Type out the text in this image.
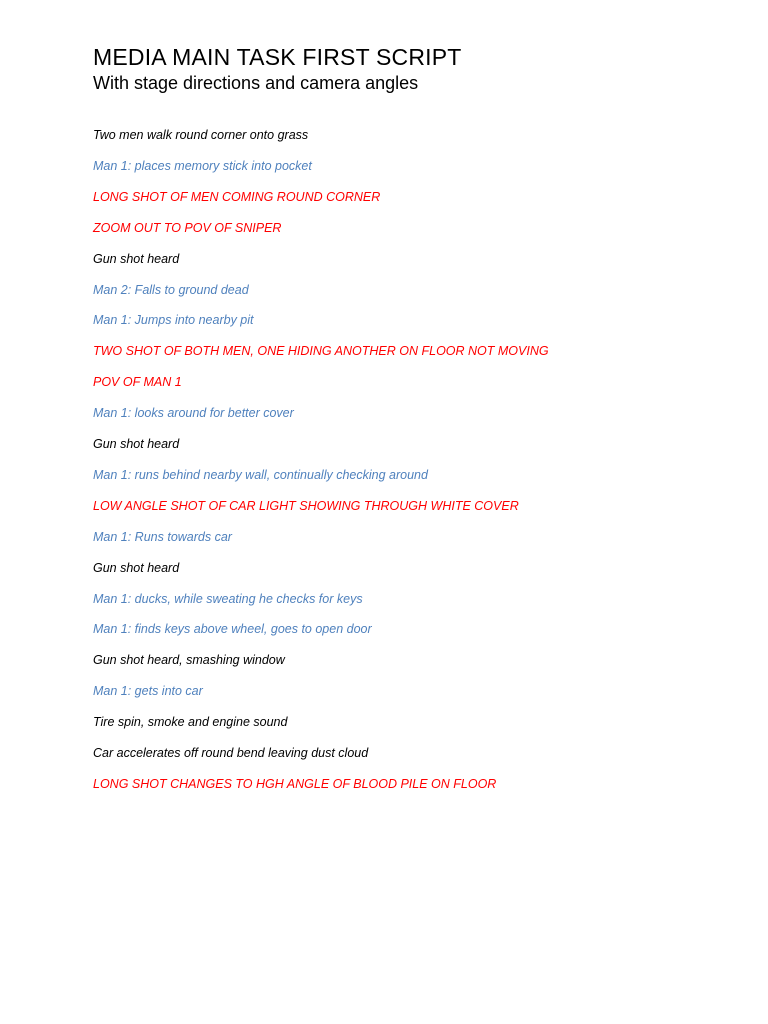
MEDIA MAIN TASK FIRST SCRIPT
With stage directions and camera angles
Two men walk round corner onto grass
Man 1: places memory stick into pocket
LONG SHOT OF MEN COMING ROUND CORNER
ZOOM OUT TO POV OF SNIPER
Gun shot heard
Man 2: Falls to ground dead
Man 1: Jumps into nearby pit
TWO SHOT OF BOTH MEN, ONE HIDING ANOTHER ON FLOOR NOT MOVING
POV OF MAN 1
Man 1: looks around for better cover
Gun shot heard
Man 1: runs behind nearby wall, continually checking around
LOW ANGLE SHOT OF CAR LIGHT SHOWING THROUGH WHITE COVER
Man 1: Runs towards car
Gun shot heard
Man 1: ducks, while sweating he checks for keys
Man 1: finds keys above wheel, goes to open door
Gun shot heard, smashing window
Man 1: gets into car
Tire spin, smoke and engine sound
Car accelerates off round bend leaving dust cloud
LONG SHOT CHANGES TO HGH ANGLE OF BLOOD PILE ON FLOOR
